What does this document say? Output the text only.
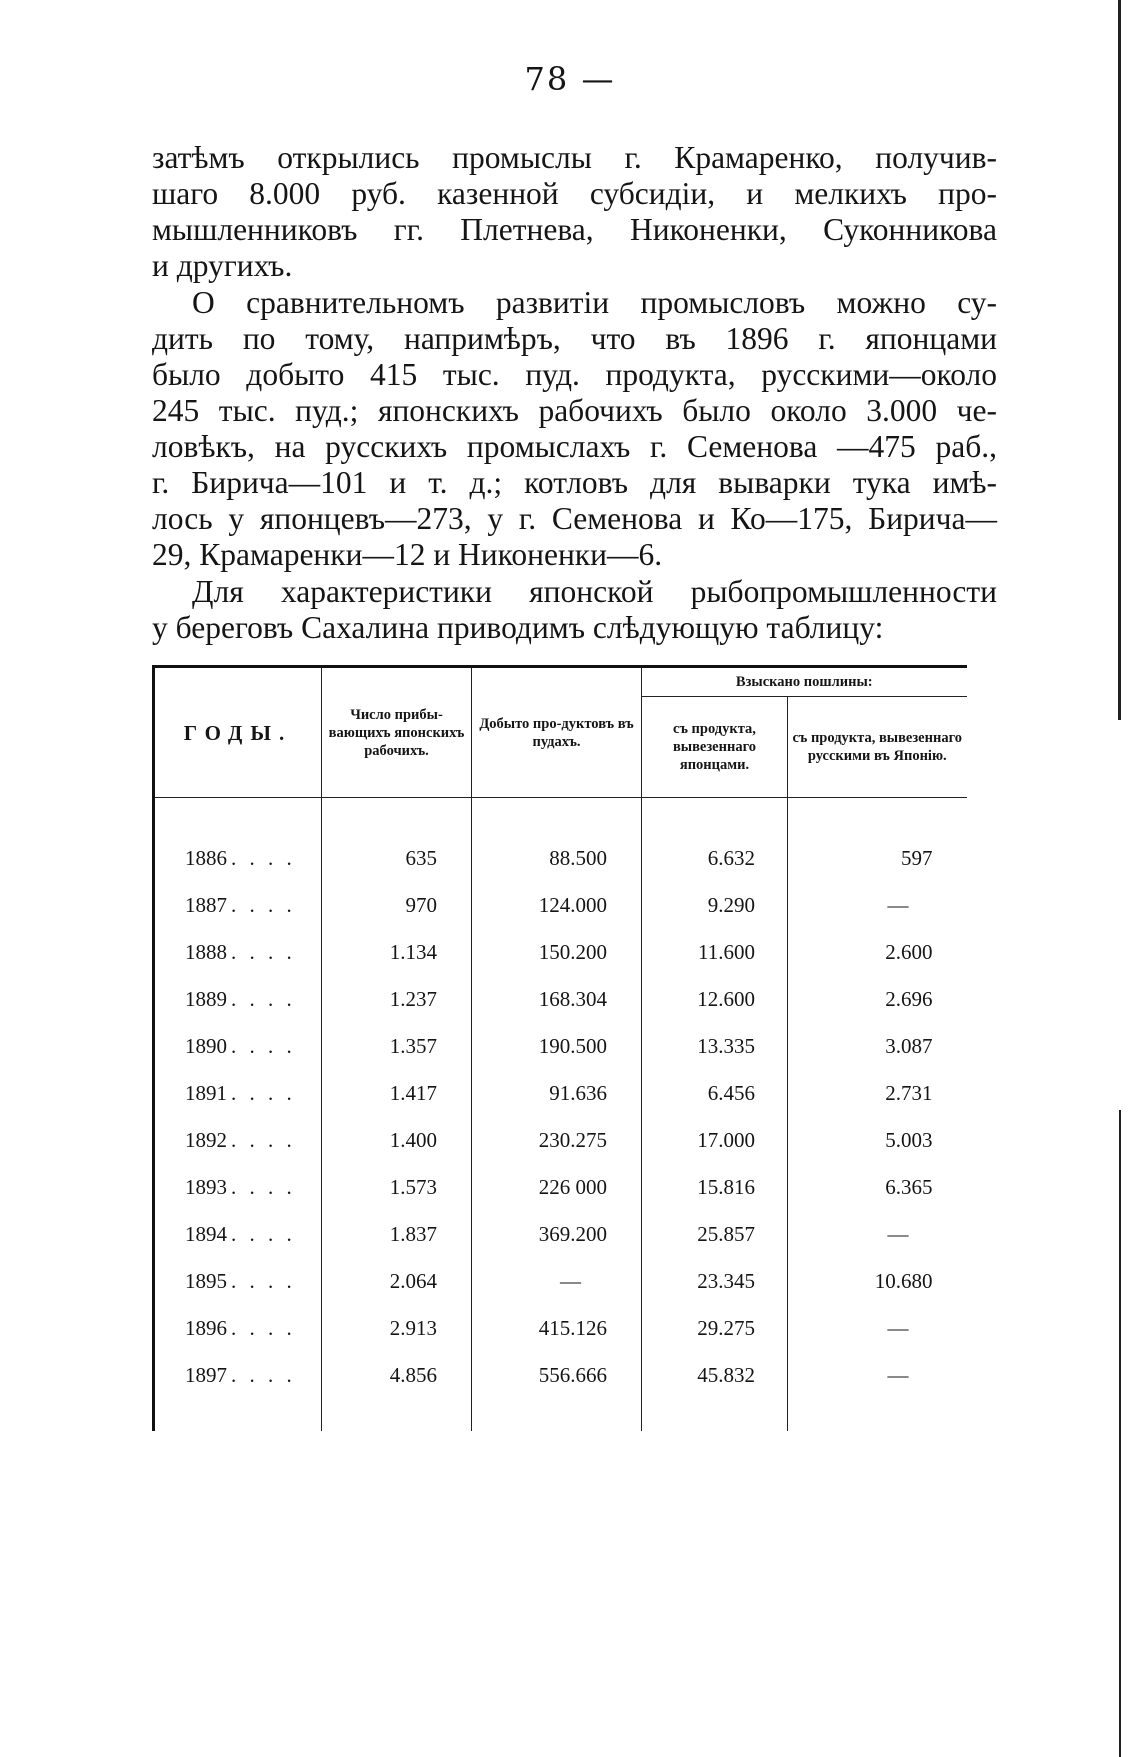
78 —

затѣмъ открылись промыслы г. Крамаренко, получив-
шаго 8.000 руб. казенной субсидіи, и мелкихъ про-
мышленниковъ гг. Плетнева, Никоненки, Суконникова
и другихъ.

О сравнительномъ развитіи промысловъ можно су-
дить по тому, напримѣръ, что въ 1896 г. японцами
было добыто 415 тыс. пуд. продукта, русскими—около
245 тыс. пуд.; японскихъ рабочихъ было около 3.000 че-
ловѣкъ, на русскихъ промыслахъ г. Семенова —475 раб.,
г. Бирича—101 и т. д.; котловъ для выварки тука имѣ-
лось у японцевъ—273, у г. Семенова и Ко—175, Бирича—
29, Крамаренки—12 и Никоненки—6.

Для характеристики японской рыбопромышленности
у береговъ Сахалина приводимъ слѣдующую таблицу:

ГОДЫ.	Число прибы-вающихъ японскихъ рабочихъ.	Добыто про-дуктовъ въ пудахъ.	Взыскано пошлины:	
			съ продукта, вывезеннаго японцами.	съ продукта, вывезеннаго русскими въ Японію.

1886 . . . .	635	88.500	6.632	597
1887 . . . .	970	124.000	9.290	—
1888 . . . .	1.134	150.200	11.600	2.600
1889 . . . .	1.237	168.304	12.600	2.696
1890 . . . .	1.357	190.500	13.335	3.087
1891 . . . .	1.417	91.636	6.456	2.731
1892 . . . .	1.400	230.275	17.000	5.003
1893 . . . .	1.573	226 000	15.816	6.365
1894 . . . .	1.837	369.200	25.857	—
1895 . . . .	2.064	—	23.345	10.680
1896 . . . .	2.913	415.126	29.275	—
1897 . . . .	4.856	556.666	45.832	—
